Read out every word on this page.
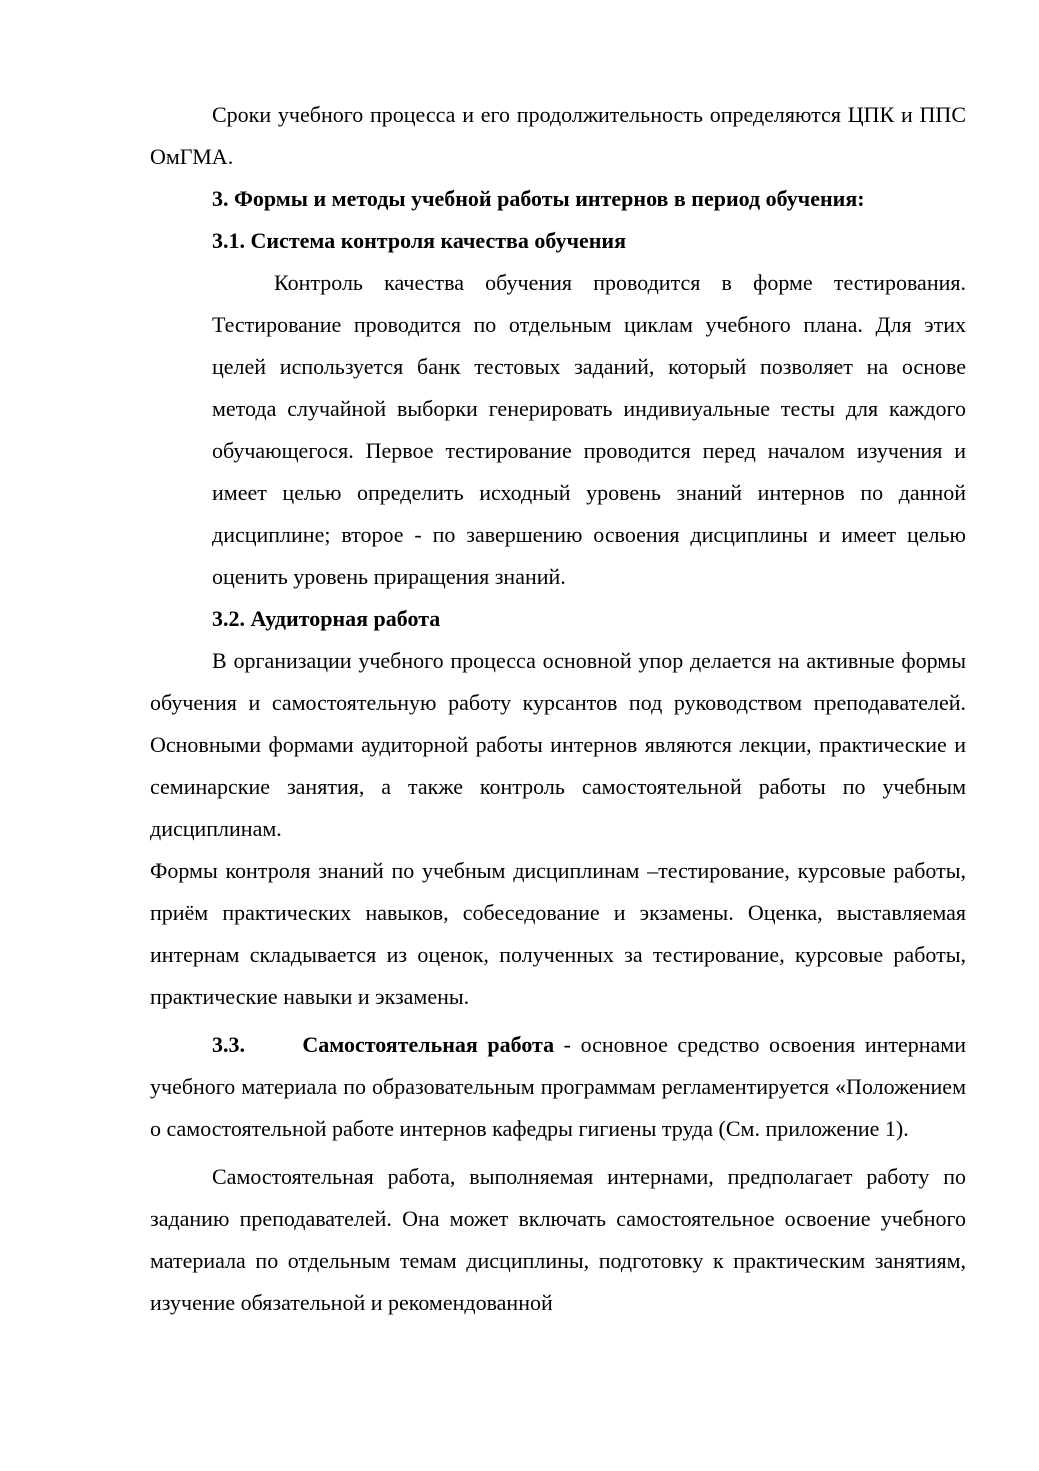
Сроки учебного процесса и его продолжительность определяются ЦПК и ППС ОмГМА.

3. Формы и методы учебной работы интернов в период обучения:

3.1. Система контроля качества обучения

Контроль качества обучения проводится в форме тестирования. Тестирование проводится по отдельным циклам учебного плана. Для этих целей используется банк тестовых заданий, который позволяет на основе метода случайной выборки генерировать индивиуальные тесты для каждого обучающегося. Первое тестирование проводится перед началом изучения и имеет целью определить исходный уровень знаний интернов по данной дисциплине; второе - по завершению освоения дисциплины и имеет целью оценить уровень приращения знаний.

3.2. Аудиторная работа

В организации учебного процесса основной упор делается на активные формы обучения и самостоятельную работу курсантов под руководством преподавателей. Основными формами аудиторной работы интернов являются лекции, практические и семинарские занятия, а также контроль самостоятельной работы по учебным дисциплинам.

Формы контроля знаний по учебным дисциплинам –тестирование, курсовые работы, приём практических навыков, собеседование и экзамены. Оценка, выставляемая интернам складывается из оценок, полученных за тестирование, курсовые работы, практические навыки и экзамены.

3.3.	Самостоятельная работа - основное средство освоения интернами учебного материала по образовательным программам регламентируется «Положением о самостоятельной работе интернов кафедры гигиены труда (См. приложение 1).

Самостоятельная работа, выполняемая интернами, предполагает работу по заданию преподавателей. Она может включать самостоятельное освоение учебного материала по отдельным темам дисциплины, подготовку к практическим занятиям, изучение обязательной и рекомендованной
